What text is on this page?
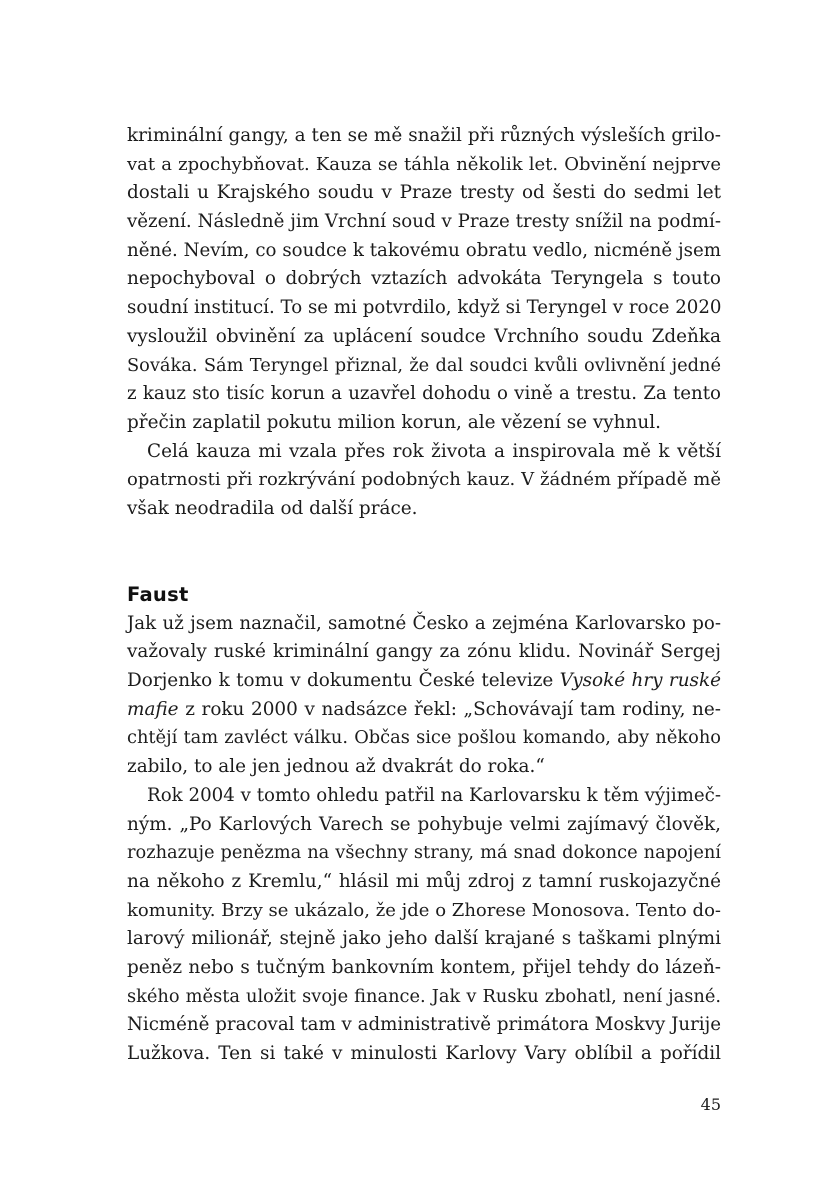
kriminální gangy, a ten se mě snažil při různých výsleších grilo-
vat a zpochybňovat. Kauza se táhla několik let. Obvinění nejprve
dostali u Krajského soudu v Praze tresty od šesti do sedmi let
vězení. Následně jim Vrchní soud v Praze tresty snížil na podmí-
něné. Nevím, co soudce k takovému obratu vedlo, nicméně jsem
nepochyboval o dobrých vztazích advokáta Teryngela s touto
soudní institucí. To se mi potvrdilo, když si Teryngel v roce 2020
vysloužil obvinění za uplácení soudce Vrchního soudu Zdeňka
Sováka. Sám Teryngel přiznal, že dal soudci kvůli ovlivnění jedné
z kauz sto tisíc korun a uzavřel dohodu o vině a trestu. Za tento
přečin zaplatil pokutu milion korun, ale vězení se vyhnul.
Celá kauza mi vzala přes rok života a inspirovala mě k větší
opatrnosti při rozkrývání podobných kauz. V žádném případě mě
však neodradila od další práce.
Faust
Jak už jsem naznačil, samotné Česko a zejména Karlovarsko po-
važovaly ruské kriminální gangy za zónu klidu. Novinář Sergej
Dorjenko k tomu v dokumentu České televize Vysoké hry ruské
mafie z roku 2000 v nadsázce řekl: „Schovávají tam rodiny, ne-
chtějí tam zavléct válku. Občas sice pošlou komando, aby někoho
zabilo, to ale jen jednou až dvakrát do roka.“
Rok 2004 v tomto ohledu patřil na Karlovarsku k těm výjimeč-
ným. „Po Karlových Varech se pohybuje velmi zajímavý člověk,
rozhazuje penězma na všechny strany, má snad dokonce napojení
na někoho z Kremlu,“ hlásil mi můj zdroj z tamní ruskojazyčné
komunity. Brzy se ukázalo, že jde o Zhorese Monosova. Tento do-
larový milionář, stejně jako jeho další krajané s taškami plnými
peněz nebo s tučným bankovním kontem, přijel tehdy do lázeň-
ského města uložit svoje finance. Jak v Rusku zbohatl, není jasné.
Nicméně pracoval tam v administrativě primátora Moskvy Jurije
Lužkova. Ten si také v minulosti Karlovy Vary oblíbil a pořídil
45
